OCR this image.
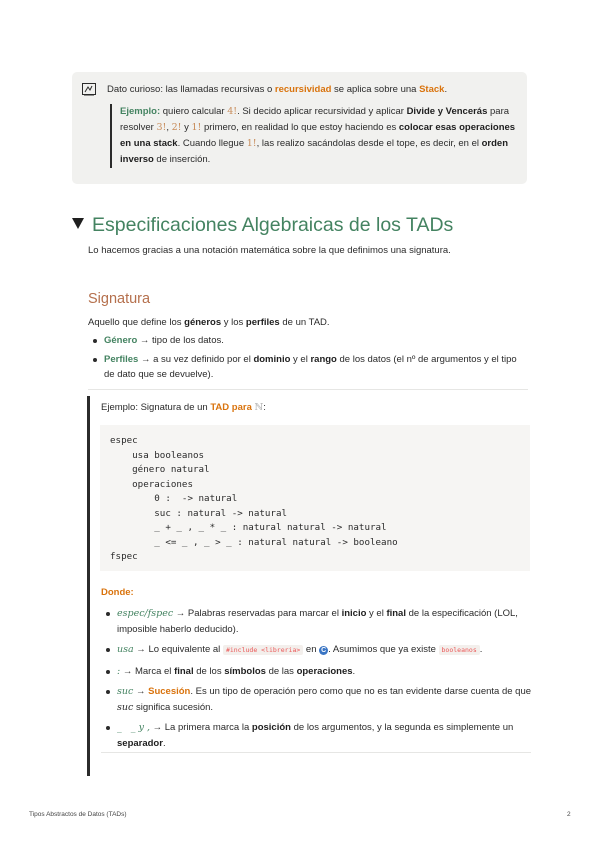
Dato curioso: las llamadas recursivas o recursividad se aplica sobre una Stack.
Ejemplo: quiero calcular 4!. Si decido aplicar recursividad y aplicar Divide y Vencerás para resolver 3!, 2! y 1! primero, en realidad lo que estoy haciendo es colocar esas operaciones en una stack. Cuando llegue 1!, las realizo sacándolas desde el tope, es decir, en el orden inverso de inserción.
Especificaciones Algebraicas de los TADs
Lo hacemos gracias a una notación matemática sobre la que definimos una signatura.
Signatura
Aquello que define los géneros y los perfiles de un TAD.
Género → tipo de los datos.
Perfiles → a su vez definido por el dominio y el rango de los datos (el nº de argumentos y el tipo de dato que se devuelve).
Ejemplo: Signatura de un TAD para ℕ:
espec
usa booleanos
género natural
operaciones
0 :  -> natural
suc : natural -> natural
_ + _ , _ * _ : natural natural -> natural
_ <= _ , _ > _ : natural natural -> booleano
fspec
Donde:
espec/fspec → Palabras reservadas para marcar el inicio y el final de la especificación (LOL, imposible haberlo deducido).
usa → Lo equivalente al #include <libreria> en C . Asumimos que ya existe booleanos .
: → Marca el final de los símbolos de las operaciones.
suc → Sucesión. Es un tipo de operación pero como que no es tan evidente darse cuenta de que suc significa sucesión.
_   _ y , → La primera marca la posición de los argumentos, y la segunda es simplemente un separador.
Tipos Abstractos de Datos (TADs)	2
